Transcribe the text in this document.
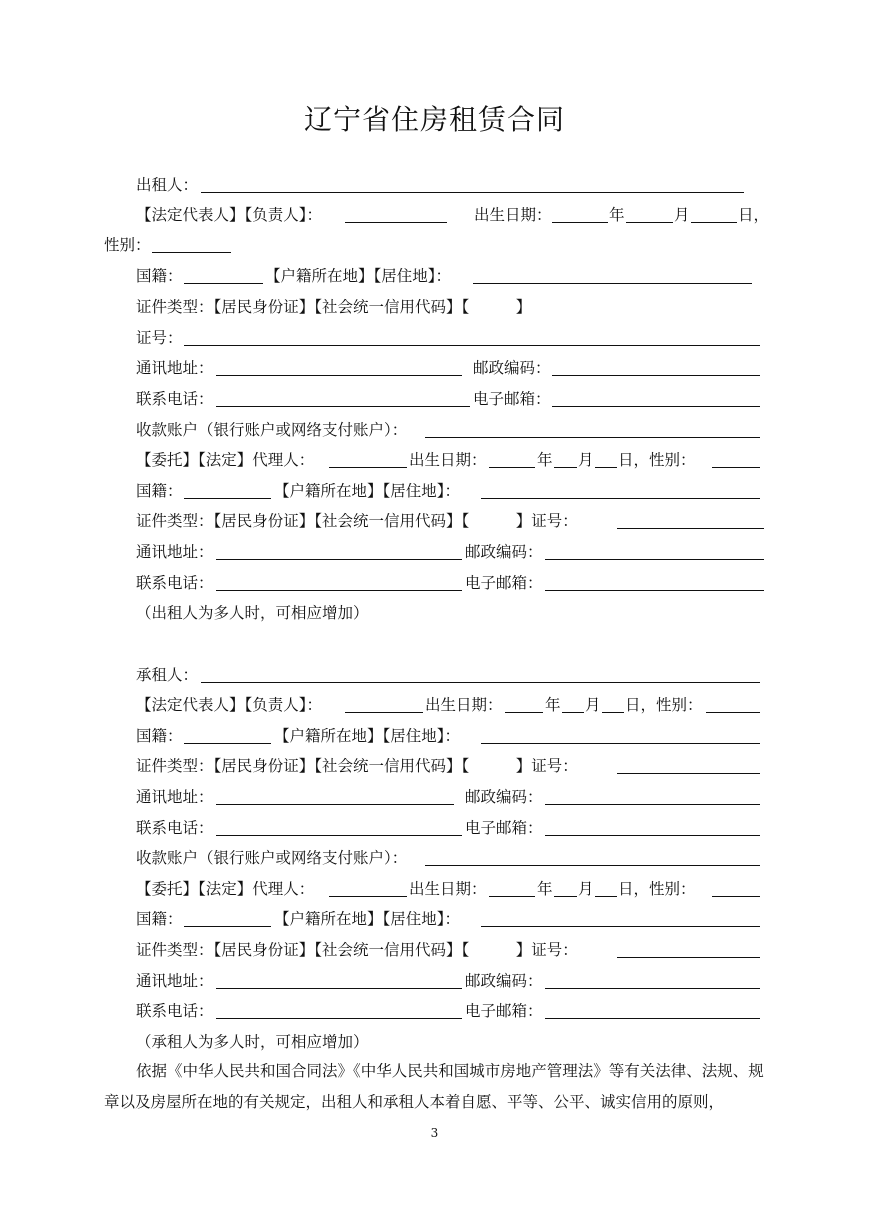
辽宁省住房租赁合同
出租人：
【法定代表人】【负责人】：	出生日期：	年	月	日，
性别：
国籍：	【户籍所在地】【居住地】：
证件类型：【居民身份证】【社会统一信用代码】【　　　】
证号：
通讯地址：	邮政编码：
联系电话：	电子邮箱：
收款账户（银行账户或网络支付账户）：
【委托】【法定】代理人：	出生日期：	年 月 日，性别：
国籍：	【户籍所在地】【居住地】：
证件类型：【居民身份证】【社会统一信用代码】【　　　】证号：
通讯地址：	邮政编码：
联系电话：	电子邮箱：
（出租人为多人时，可相应增加）
承租人：
【法定代表人】【负责人】：	出生日期：	年 月 日，性别：
国籍：	【户籍所在地】【居住地】：
证件类型：【居民身份证】【社会统一信用代码】【　　　】证号：
通讯地址：	邮政编码：
联系电话：	电子邮箱：
收款账户（银行账户或网络支付账户）：
【委托】【法定】代理人：	出生日期：	年 月 日，性别：
国籍：	【户籍所在地】【居住地】：
证件类型：【居民身份证】【社会统一信用代码】【　　　】证号：
通讯地址：	邮政编码：
联系电话：	电子邮箱：
（承租人为多人时，可相应增加）
依据《中华人民共和国合同法》《中华人民共和国城市房地产管理法》等有关法律、法规、规章以及房屋所在地的有关规定，出租人和承租人本着自愿、平等、公平、诚实信用的原则，
3
